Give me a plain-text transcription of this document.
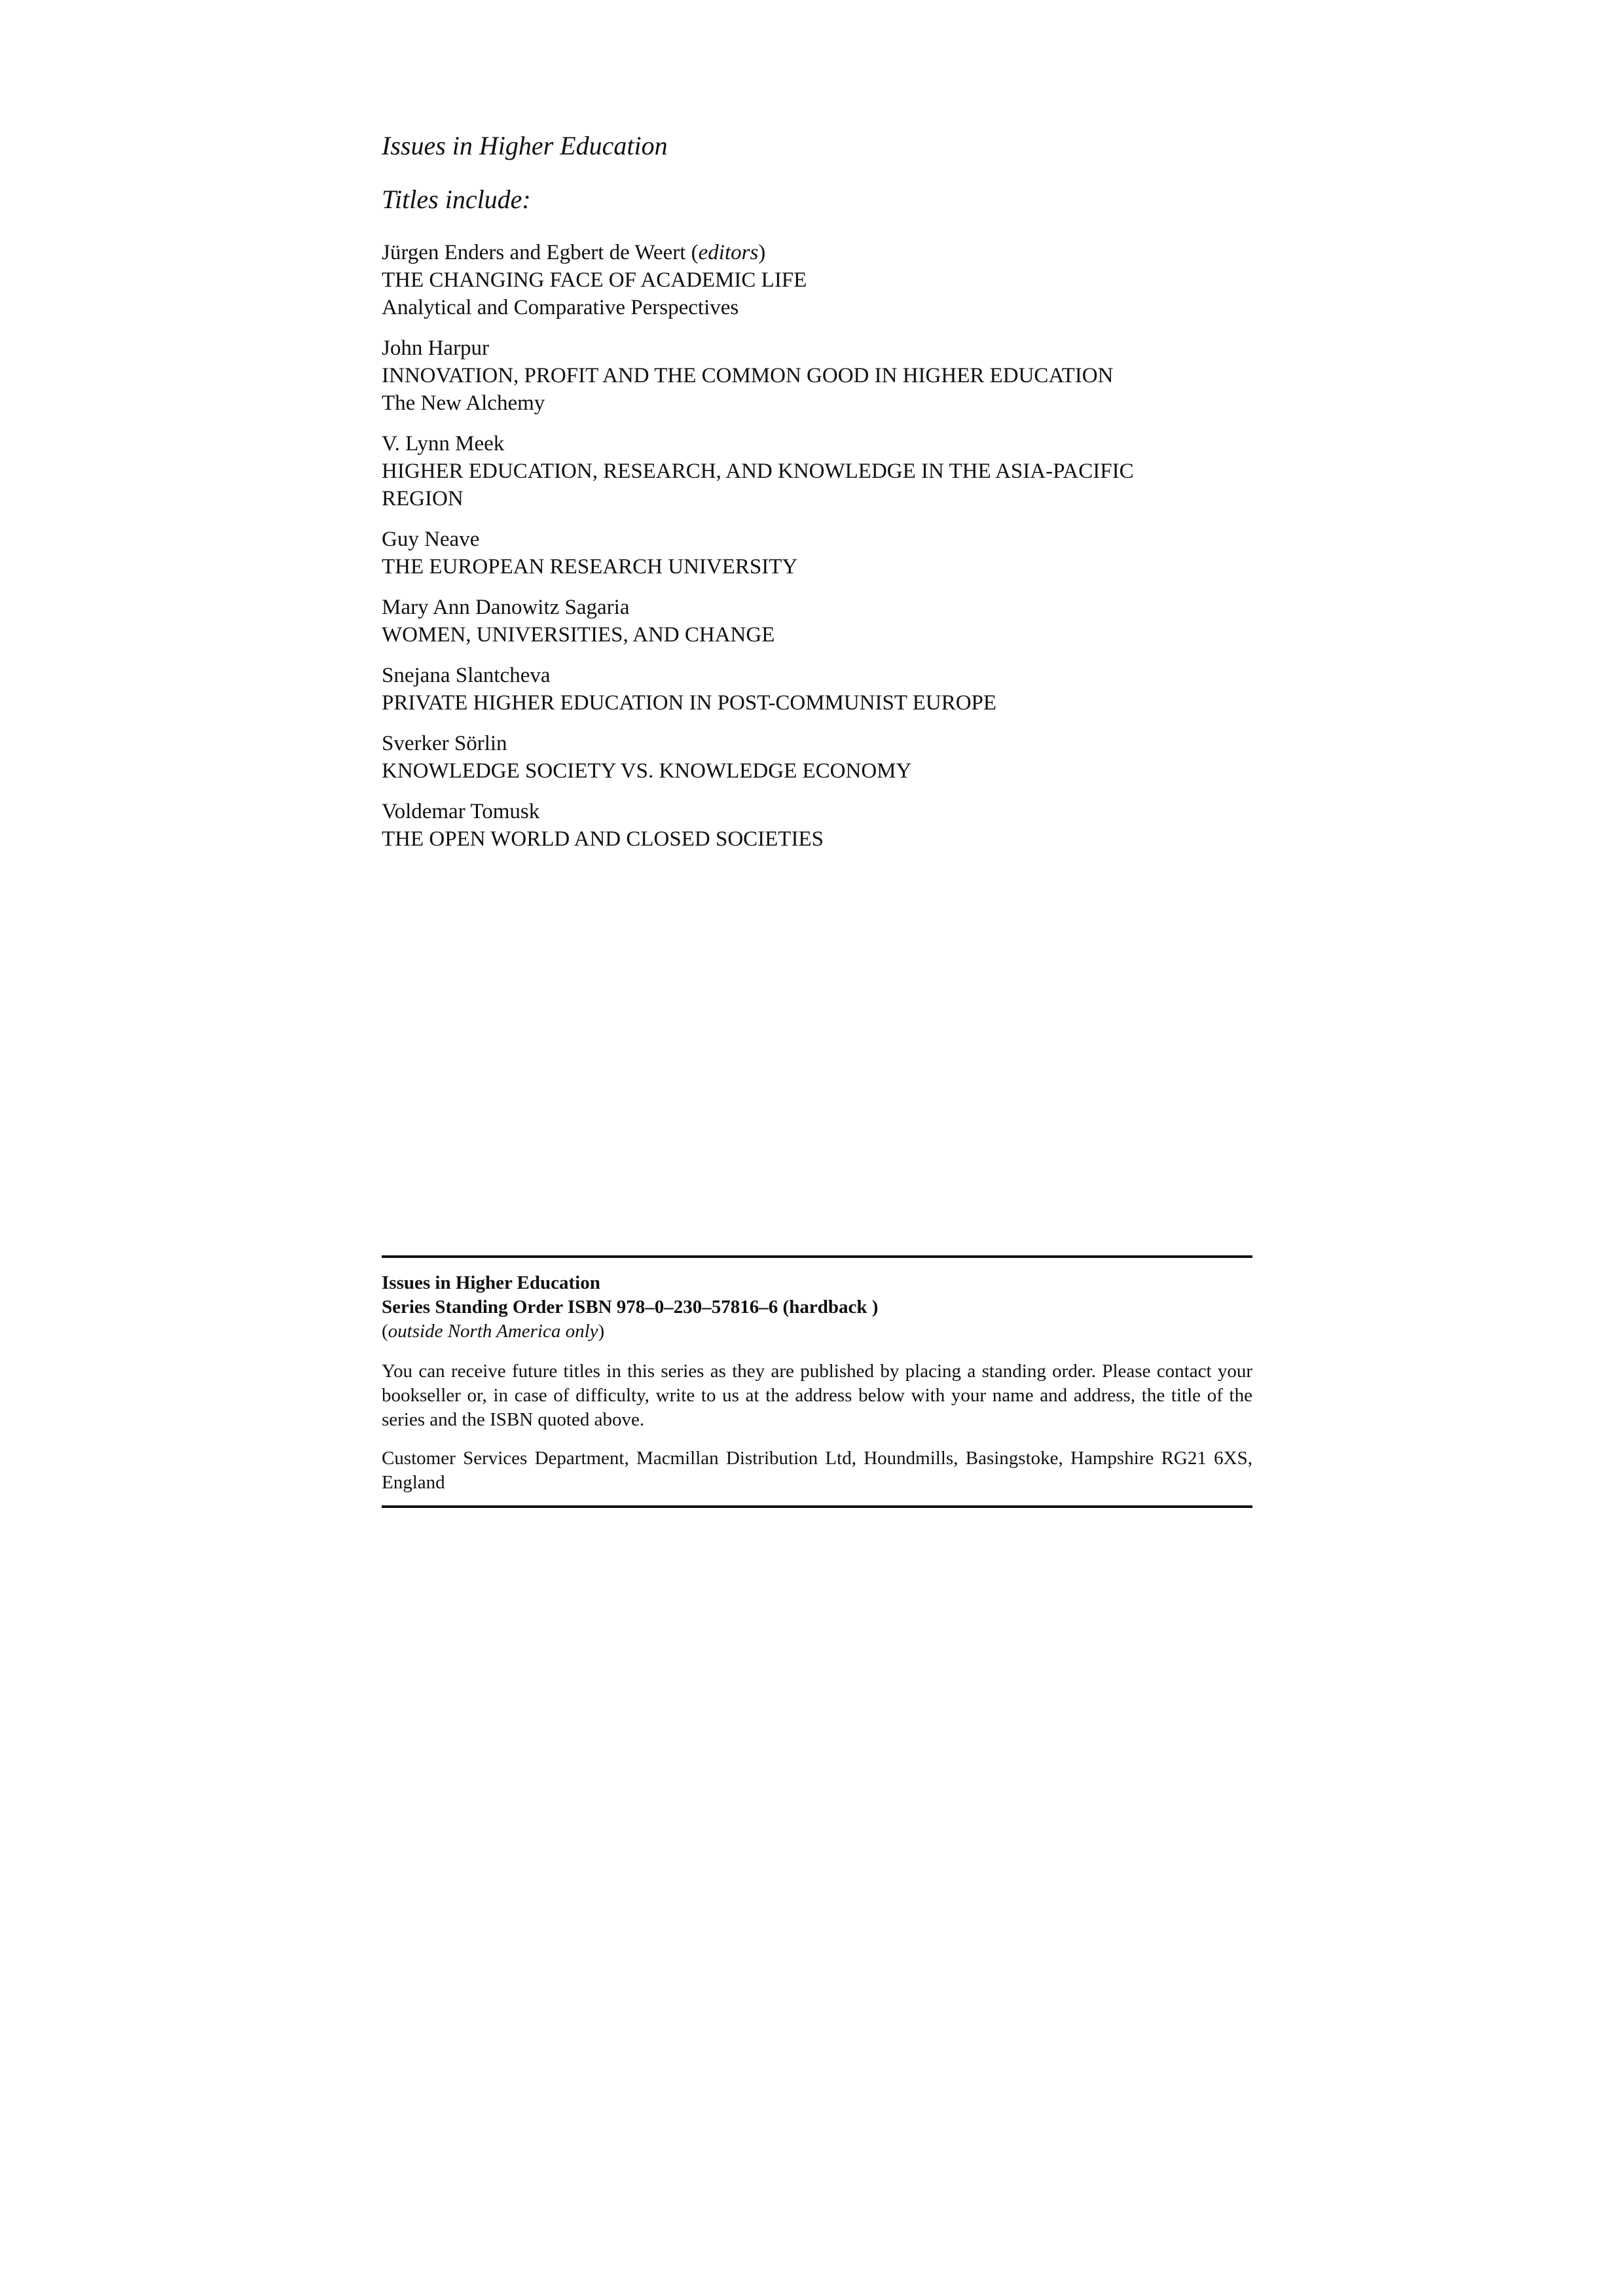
Issues in Higher Education
Titles include:
Jürgen Enders and Egbert de Weert (editors)
THE CHANGING FACE OF ACADEMIC LIFE
Analytical and Comparative Perspectives
John Harpur
INNOVATION, PROFIT AND THE COMMON GOOD IN HIGHER EDUCATION
The New Alchemy
V. Lynn Meek
HIGHER EDUCATION, RESEARCH, AND KNOWLEDGE IN THE ASIA-PACIFIC REGION
Guy Neave
THE EUROPEAN RESEARCH UNIVERSITY
Mary Ann Danowitz Sagaria
WOMEN, UNIVERSITIES, AND CHANGE
Snejana Slantcheva
PRIVATE HIGHER EDUCATION IN POST-COMMUNIST EUROPE
Sverker Sörlin
KNOWLEDGE SOCIETY VS. KNOWLEDGE ECONOMY
Voldemar Tomusk
THE OPEN WORLD AND CLOSED SOCIETIES
Issues in Higher Education
Series Standing Order ISBN 978–0–230–57816–6 (hardback )
(outside North America only)
You can receive future titles in this series as they are published by placing a standing order. Please contact your bookseller or, in case of difficulty, write to us at the address below with your name and address, the title of the series and the ISBN quoted above.
Customer Services Department, Macmillan Distribution Ltd, Houndmills, Basingstoke, Hampshire RG21 6XS, England
